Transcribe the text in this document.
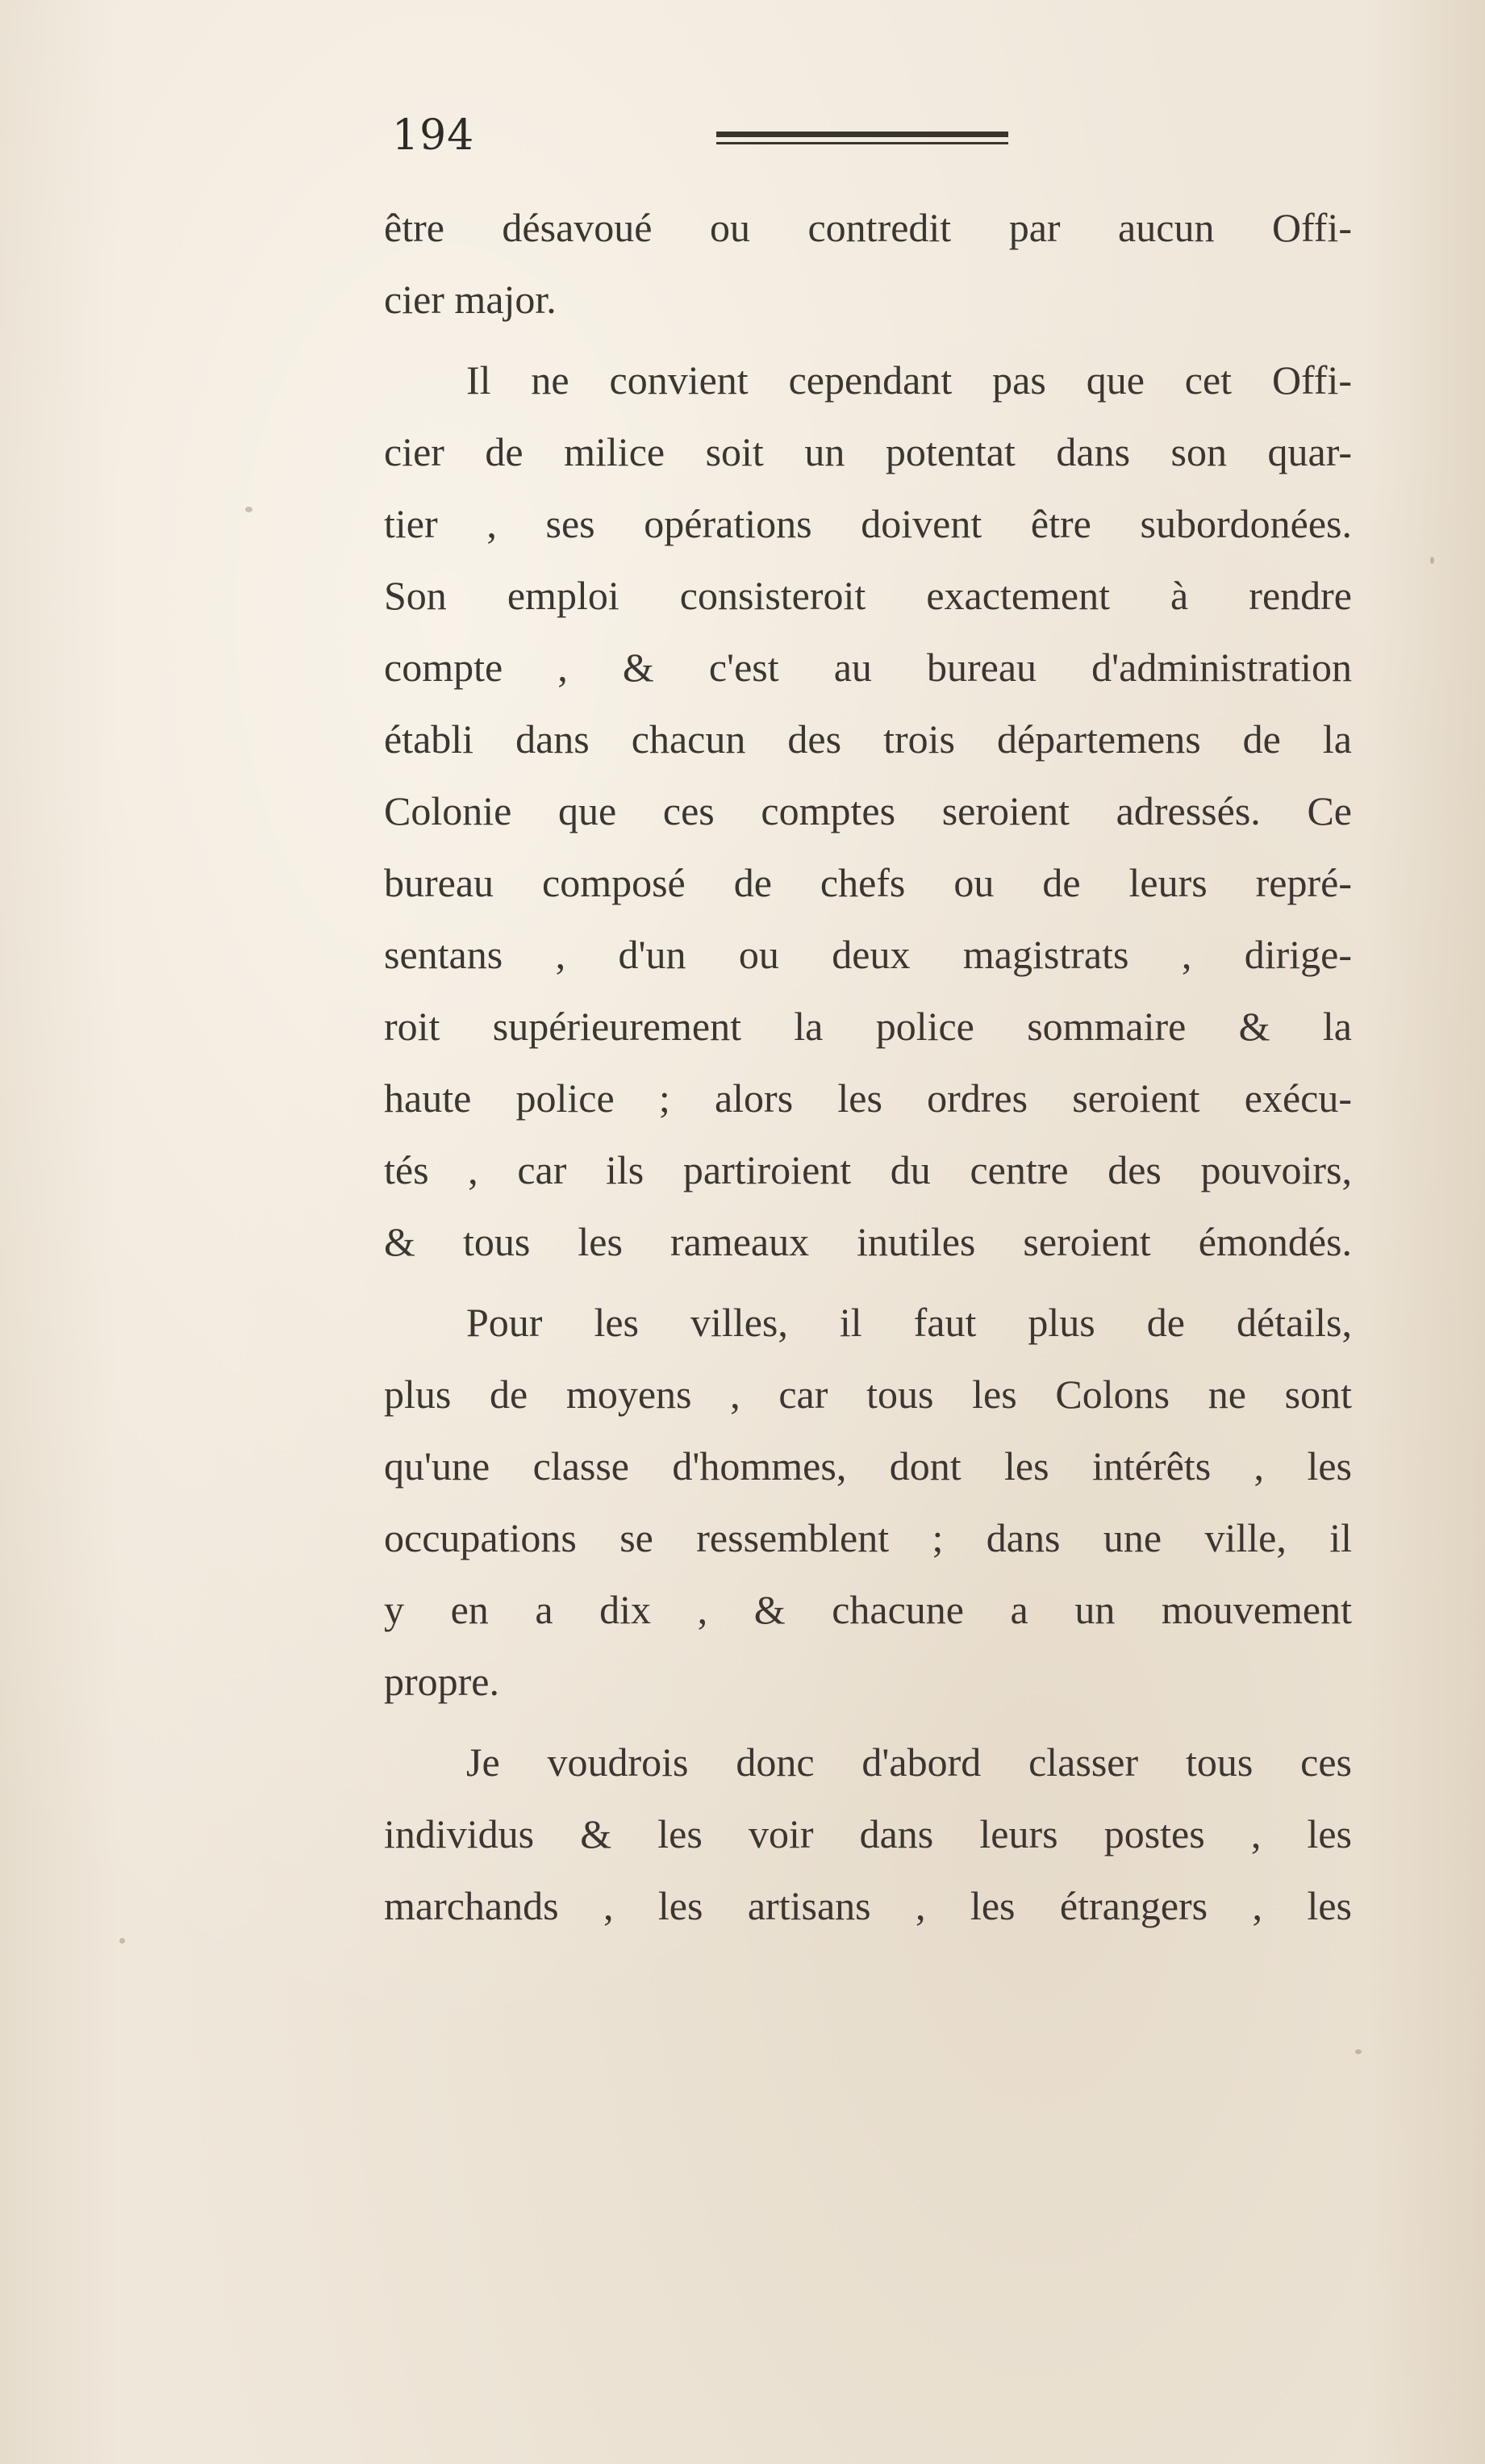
194
être désavoué ou contredit par aucun Offi-
cier major.
Il ne convient cependant pas que cet Offi-
cier de milice soit un potentat dans son quar-
tier , ses opérations doivent être subordonées.
Son emploi consisteroit exactement à rendre
compte , & c'est au bureau d'administration
établi dans chacun des trois départemens de la
Colonie que ces comptes seroient adressés. Ce
bureau composé de chefs ou de leurs repré-
sentans , d'un ou deux magistrats , dirige-
roit supérieurement la police sommaire & la
haute police ; alors les ordres seroient exécu-
tés , car ils partiroient du centre des pouvoirs,
& tous les rameaux inutiles seroient émondés.
Pour les villes, il faut plus de détails,
plus de moyens , car tous les Colons ne sont
qu'une classe d'hommes, dont les intérêts , les
occupations se ressemblent ; dans une ville, il
y en a dix , & chacune a un mouvement
propre.
Je voudrois donc d'abord classer tous ces
individus & les voir dans leurs postes , les
marchands , les artisans , les étrangers , les
